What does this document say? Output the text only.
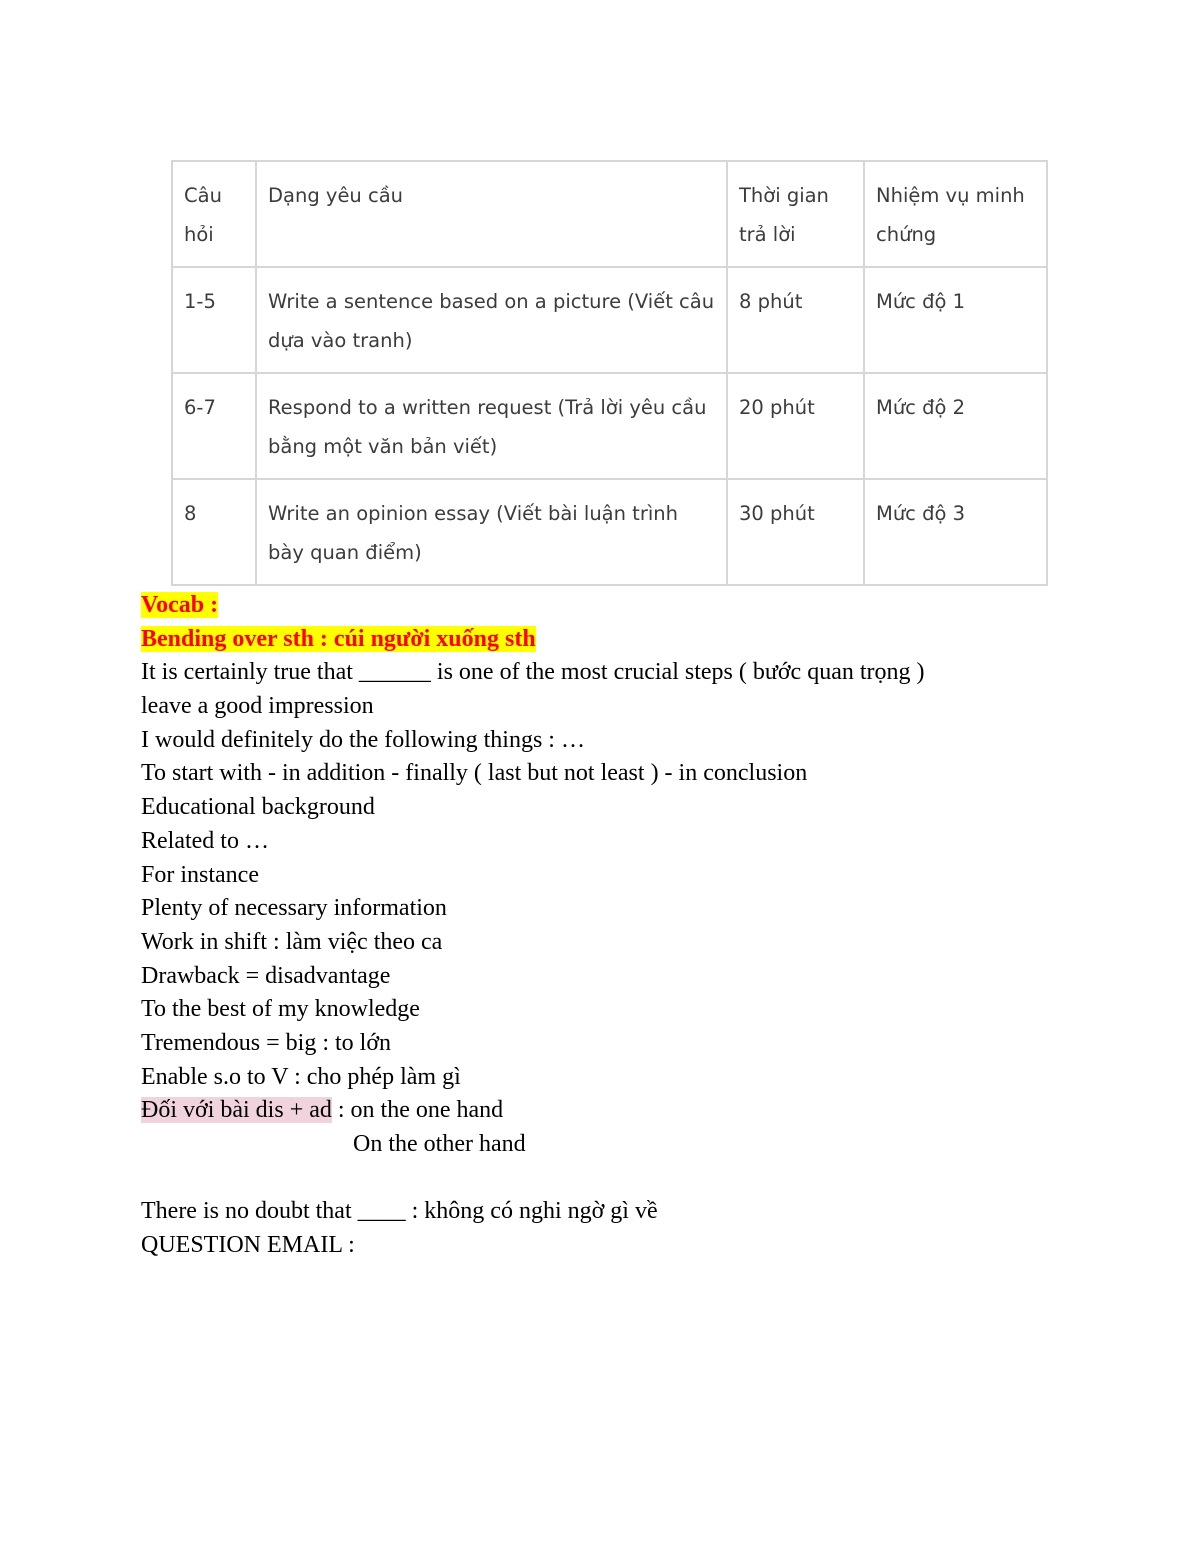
Câu hỏi	Dạng yêu cầu	Thời gian trả lời	Nhiệm vụ minh chứng
1-5	Write a sentence based on a picture (Viết câu dựa vào tranh)	8 phút	Mức độ 1
6-7	Respond to a written request (Trả lời yêu cầu bằng một văn bản viết)	20 phút	Mức độ 2
8	Write an opinion essay (Viết bài luận trình bày quan điểm)	30 phút	Mức độ 3
Vocab :
Bending over sth : cúi người xuống sth
It is certainly true that ______ is one of the most crucial steps ( bước quan trọng )
leave a good impression
I would definitely do the following things : …
To start with - in addition - finally ( last but not least ) - in conclusion
Educational background
Related to …
For instance
Plenty of necessary information
Work in shift : làm việc theo ca
Drawback = disadvantage
To the best of my knowledge
Tremendous = big : to lớn
Enable s.o to V : cho phép làm gì
Đối với bài dis + ad : on the one hand
On the other hand
There is no doubt that ____ : không có nghi ngờ gì về
QUESTION EMAIL :
